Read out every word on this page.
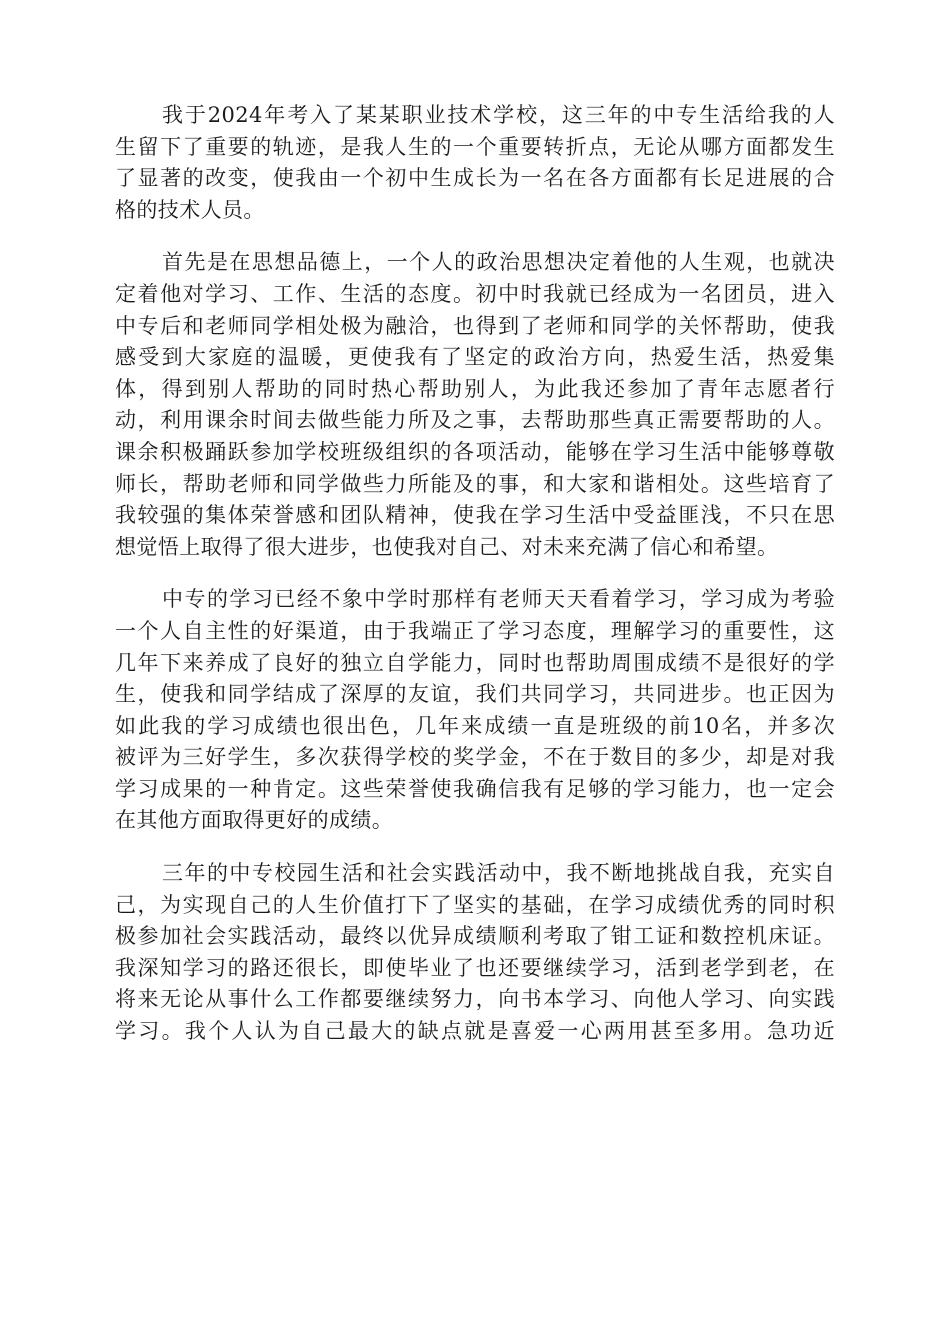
我于2024年考入了某某职业技术学校，这三年的中专生活给我的人
生留下了重要的轨迹，是我人生的一个重要转折点，无论从哪方面都发生
了显著的改变，使我由一个初中生成长为一名在各方面都有长足进展的合
格的技术人员。
首先是在思想品德上，一个人的政治思想决定着他的人生观，也就决
定着他对学习、工作、生活的态度。初中时我就已经成为一名团员，进入
中专后和老师同学相处极为融洽，也得到了老师和同学的关怀帮助，使我
感受到大家庭的温暖，更使我有了坚定的政治方向，热爱生活，热爱集
体，得到别人帮助的同时热心帮助别人，为此我还参加了青年志愿者行
动，利用课余时间去做些能力所及之事，去帮助那些真正需要帮助的人。
课余积极踊跃参加学校班级组织的各项活动，能够在学习生活中能够尊敬
师长，帮助老师和同学做些力所能及的事，和大家和谐相处。这些培育了
我较强的集体荣誉感和团队精神，使我在学习生活中受益匪浅，不只在思
想觉悟上取得了很大进步，也使我对自己、对未来充满了信心和希望。
中专的学习已经不象中学时那样有老师天天看着学习，学习成为考验
一个人自主性的好渠道，由于我端正了学习态度，理解学习的重要性，这
几年下来养成了良好的独立自学能力，同时也帮助周围成绩不是很好的学
生，使我和同学结成了深厚的友谊，我们共同学习，共同进步。也正因为
如此我的学习成绩也很出色，几年来成绩一直是班级的前10名，并多次
被评为三好学生，多次获得学校的奖学金，不在于数目的多少，却是对我
学习成果的一种肯定。这些荣誉使我确信我有足够的学习能力，也一定会
在其他方面取得更好的成绩。
三年的中专校园生活和社会实践活动中，我不断地挑战自我，充实自
己，为实现自己的人生价值打下了坚实的基础，在学习成绩优秀的同时积
极参加社会实践活动，最终以优异成绩顺利考取了钳工证和数控机床证。
我深知学习的路还很长，即使毕业了也还要继续学习，活到老学到老，在
将来无论从事什么工作都要继续努力，向书本学习、向他人学习、向实践
学习。我个人认为自己最大的缺点就是喜爱一心两用甚至多用。急功近
